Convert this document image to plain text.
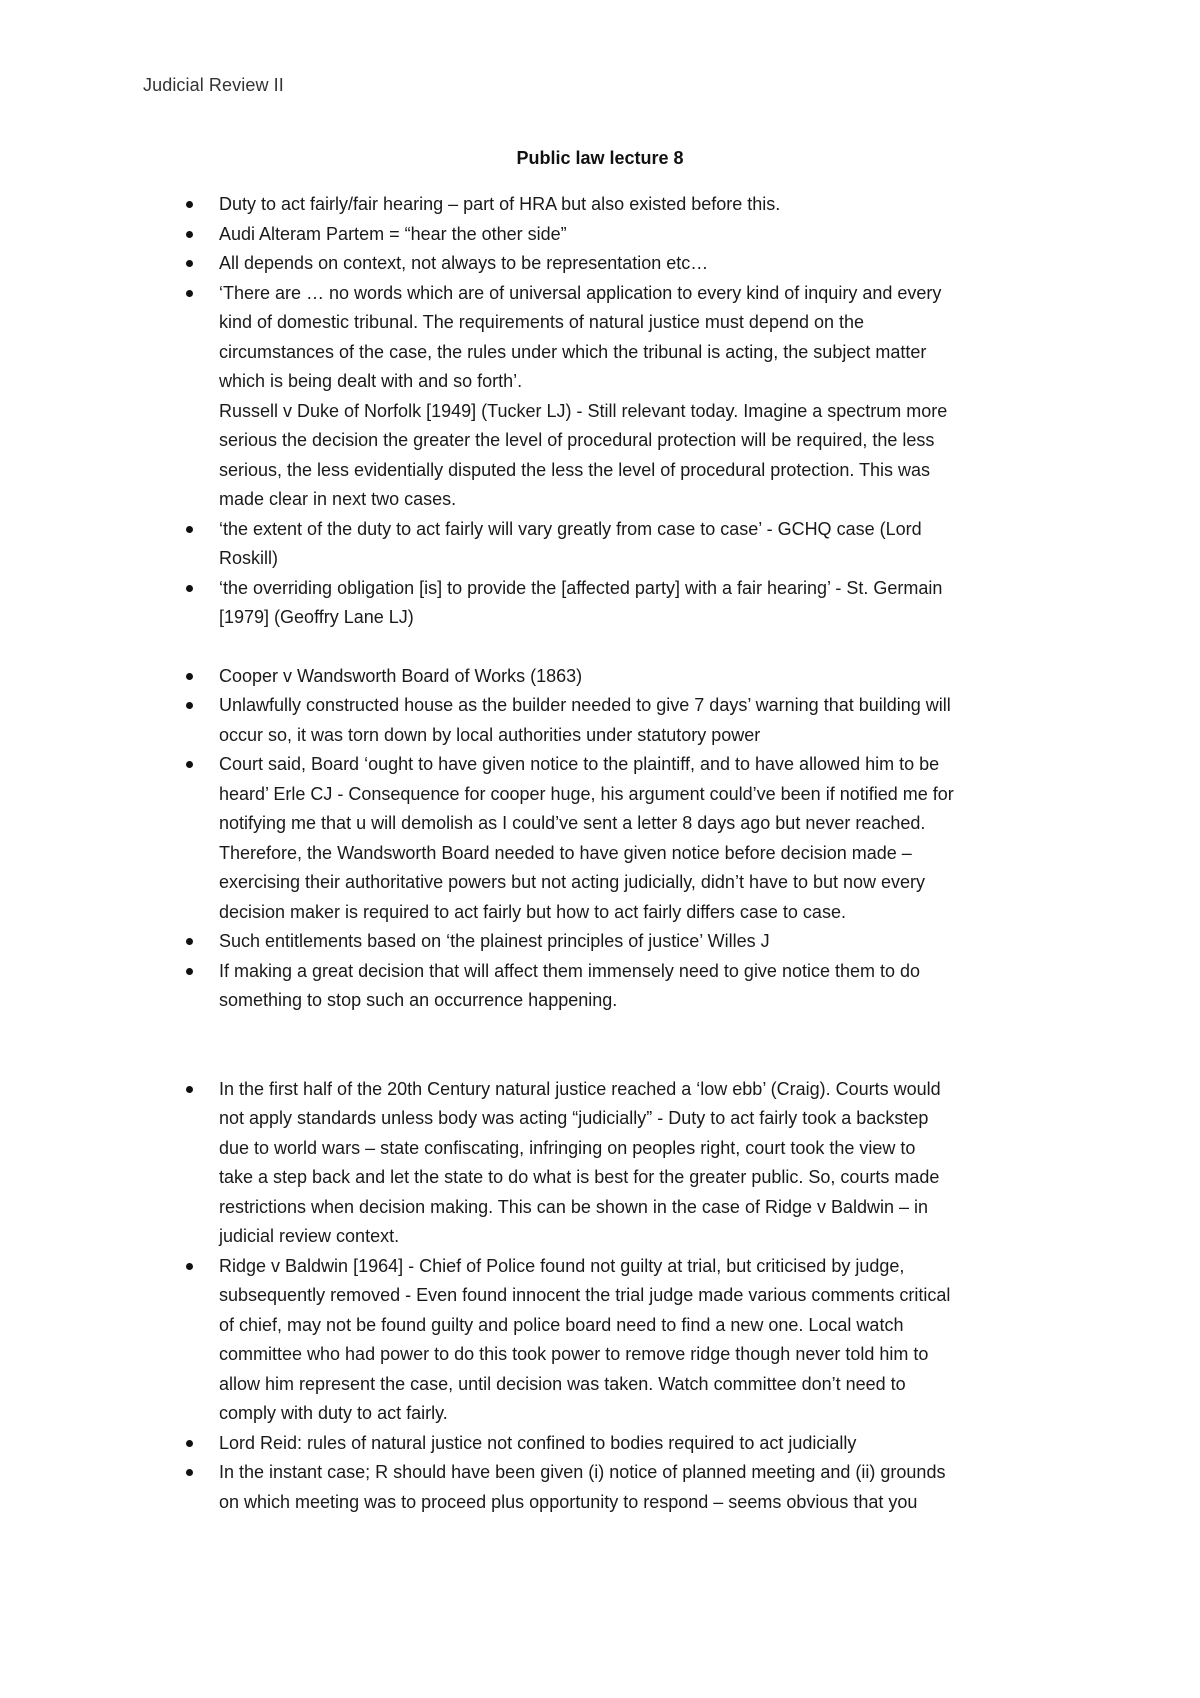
Judicial Review II
Public law lecture 8

Duty to act fairly/fair hearing – part of HRA but also existed before this.

Audi Alteram Partem = “hear the other side”

All depends on context, not always to be representation etc…

‘There are … no words which are of universal application to every kind of inquiry and every

kind of domestic tribunal. The requirements of natural justice must depend on the

circumstances of the case, the rules under which the tribunal is acting, the subject matter

which is being dealt with and so forth’.

Russell v Duke of Norfolk [1949] (Tucker LJ) - Still relevant today. Imagine a spectrum more

serious the decision the greater the level of procedural protection will be required, the less

serious, the less evidentially disputed the less the level of procedural protection. This was

made clear in next two cases.

‘the extent of the duty to act fairly will vary greatly from case to case’ - GCHQ case (Lord

Roskill)

‘the overriding obligation [is] to provide the [affected party] with a fair hearing’ - St. Germain

[1979] (Geoffry Lane LJ)

Cooper v Wandsworth Board of Works (1863)

Unlawfully constructed house as the builder needed to give 7 days’ warning that building will

occur so, it was torn down by local authorities under statutory power

Court said, Board ‘ought to have given notice to the plaintiff, and to have allowed him to be

heard’ Erle CJ - Consequence for cooper huge, his argument could’ve been if notified me for

notifying me that u will demolish as I could’ve sent a letter 8 days ago but never reached.

Therefore, the Wandsworth Board needed to have given notice before decision made –

exercising their authoritative powers but not acting judicially, didn’t have to but now every

decision maker is required to act fairly but how to act fairly differs case to case.

Such entitlements based on ‘the plainest principles of justice’ Willes J

If making a great decision that will affect them immensely need to give notice them to do

something to stop such an occurrence happening.

In the first half of the 20th Century natural justice reached a ‘low ebb’ (Craig). Courts would

not apply standards unless body was acting “judicially” - Duty to act fairly took a backstep

due to world wars – state confiscating, infringing on peoples right, court took the view to

take a step back and let the state to do what is best for the greater public. So, courts made

restrictions when decision making. This can be shown in the case of Ridge v Baldwin – in

judicial review context.

Ridge v Baldwin [1964] - Chief of Police found not guilty at trial, but criticised by judge,

subsequently removed - Even found innocent the trial judge made various comments critical

of chief, may not be found guilty and police board need to find a new one. Local watch

committee who had power to do this took power to remove ridge though never told him to

allow him represent the case, until decision was taken. Watch committee don’t need to

comply with duty to act fairly.

Lord Reid: rules of natural justice not confined to bodies required to act judicially

In the instant case; R should have been given (i) notice of planned meeting and (ii) grounds

on which meeting was to proceed plus opportunity to respond – seems obvious that you
